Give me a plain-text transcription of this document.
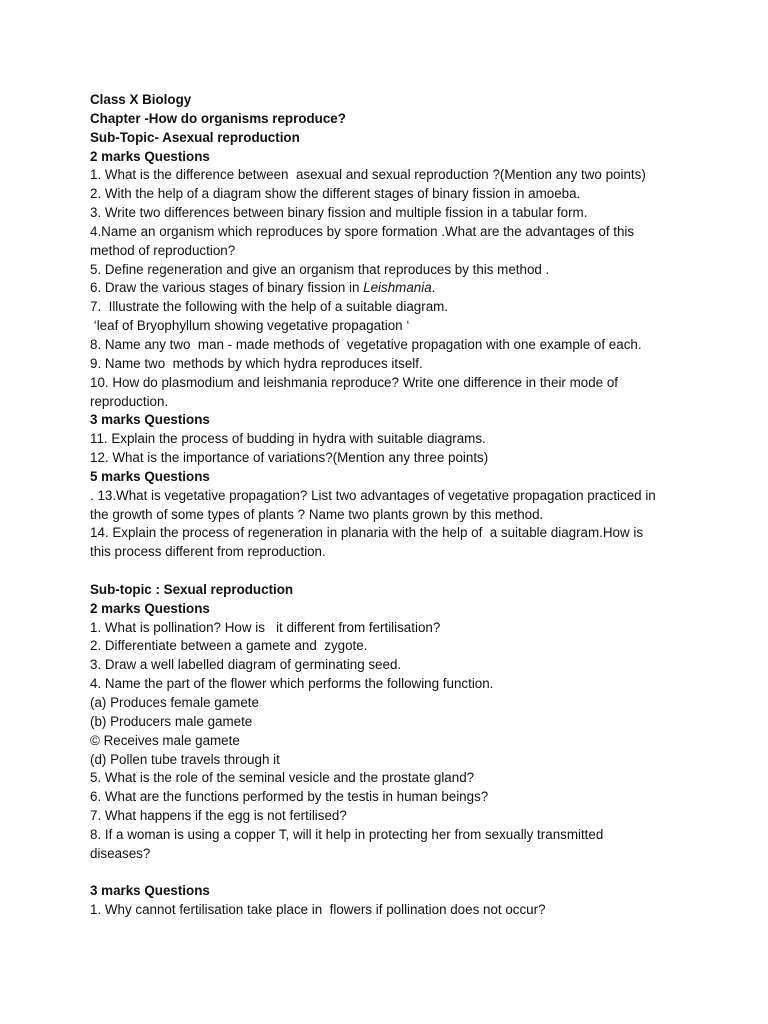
Class X Biology

Chapter -How do organisms reproduce?

Sub-Topic- Asexual reproduction

2 marks Questions

1. What is the difference between  asexual and sexual reproduction ?(Mention any two points)

2. With the help of a diagram show the different stages of binary fission in amoeba.

3. Write two differences between binary fission and multiple fission in a tabular form.

4.Name an organism which reproduces by spore formation .What are the advantages of this

method of reproduction?

5. Define regeneration and give an organism that reproduces by this method .

6. Draw the various stages of binary fission in Leishmania.

7.  Illustrate the following with the help of a suitable diagram.

‘leaf of Bryophyllum showing vegetative propagation ‘

8. Name any two  man - made methods of  vegetative propagation with one example of each.

9. Name two  methods by which hydra reproduces itself.

10. How do plasmodium and leishmania reproduce? Write one difference in their mode of

reproduction.

3 marks Questions

11. Explain the process of budding in hydra with suitable diagrams.

12. What is the importance of variations?(Mention any three points)

5 marks Questions

. 13.What is vegetative propagation? List two advantages of vegetative propagation practiced in

the growth of some types of plants ? Name two plants grown by this method.

14. Explain the process of regeneration in planaria with the help of  a suitable diagram.How is

this process different from reproduction.

Sub-topic : Sexual reproduction

2 marks Questions

1. What is pollination? How is   it different from fertilisation?

2. Differentiate between a gamete and  zygote.

3. Draw a well labelled diagram of germinating seed.

4. Name the part of the flower which performs the following function.

(a) Produces female gamete

(b) Producers male gamete

© Receives male gamete

(d) Pollen tube travels through it

5. What is the role of the seminal vesicle and the prostate gland?

6. What are the functions performed by the testis in human beings?

7. What happens if the egg is not fertilised?

8. If a woman is using a copper T, will it help in protecting her from sexually transmitted

diseases?

3 marks Questions

1. Why cannot fertilisation take place in  flowers if pollination does not occur?
